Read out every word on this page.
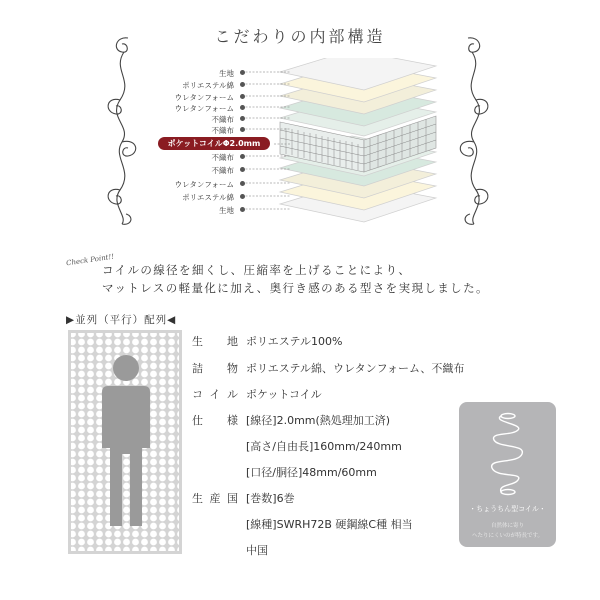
こだわりの内部構造
生地
ポリエステル綿
ウレタンフォーム
ウレタンフォーム
不織布
不織布
ポケットコイルΦ2.0mm
不織布
不織布
ウレタンフォーム
ポリエステル綿
生地
Check Point!!
コイルの線径を細くし、圧縮率を上げることにより、
マットレスの軽量化に加え、奥行き感のある型さを実現しました。
▶並列（平行）配列◀
生地 ポリエステル100%
詰物 ポリエステル綿、ウレタンフォーム、不織布
コイル ポケットコイル
仕様 [線径]2.0mm(熱処理加工済)
[高さ/自由長]160mm/240mm
[口径/胴径]48mm/60mm
生産国 [巻数]6巻
[線種]SWRH72B 硬鋼線C種 相当
中国
・ちょうちん型コイル・
自然体に寄り
へたりにくいのが特長です。
